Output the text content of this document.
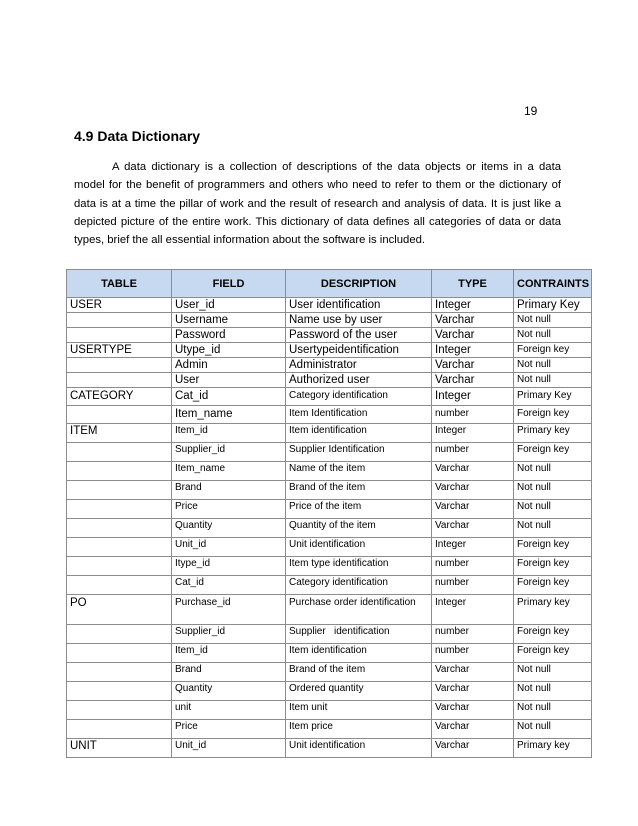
19
4.9 Data Dictionary

A data dictionary is a collection of descriptions of the data objects or items in a data model for the benefit of programmers and others who need to refer to them or the dictionary of data is at a time the pillar of work and the result of research and analysis of data. It is just like a depicted picture of the entire work. This dictionary of data defines all categories of data or data types, brief the all essential information about the software is included.

TABLE	FIELD	DESCRIPTION	TYPE	CONTRAINTS
USER	User_id	User identification	Integer	Primary Key
	Username	Name use by user	Varchar	Not null
	Password	Password of the user	Varchar	Not null
USERTYPE	Utype_id	Usertypeidentification	Integer	Foreign key
	Admin	Administrator	Varchar	Not null
	User	Authorized user	Varchar	Not null
CATEGORY	Cat_id	Category identification	Integer	Primary Key
	Item_name	Item Identification	number	Foreign key
ITEM	Item_id	Item identification	Integer	Primary key
	Supplier_id	Supplier Identification	number	Foreign key
	Item_name	Name of the item	Varchar	Not null
	Brand	Brand of the item	Varchar	Not null
	Price	Price of the item	Varchar	Not null
	Quantity	Quantity of the item	Varchar	Not null
	Unit_id	Unit identification	Integer	Foreign key
	Itype_id	Item type identification	number	Foreign key
	Cat_id	Category identification	number	Foreign key
PO	Purchase_id	Purchase order identification	Integer	Primary key
	Supplier_id	Supplier   identification	number	Foreign key
	Item_id	Item identification	number	Foreign key
	Brand	Brand of the item	Varchar	Not null
	Quantity	Ordered quantity	Varchar	Not null
	unit	Item unit	Varchar	Not null
	Price	Item price	Varchar	Not null
UNIT	Unit_id	Unit identification	Varchar	Primary key
